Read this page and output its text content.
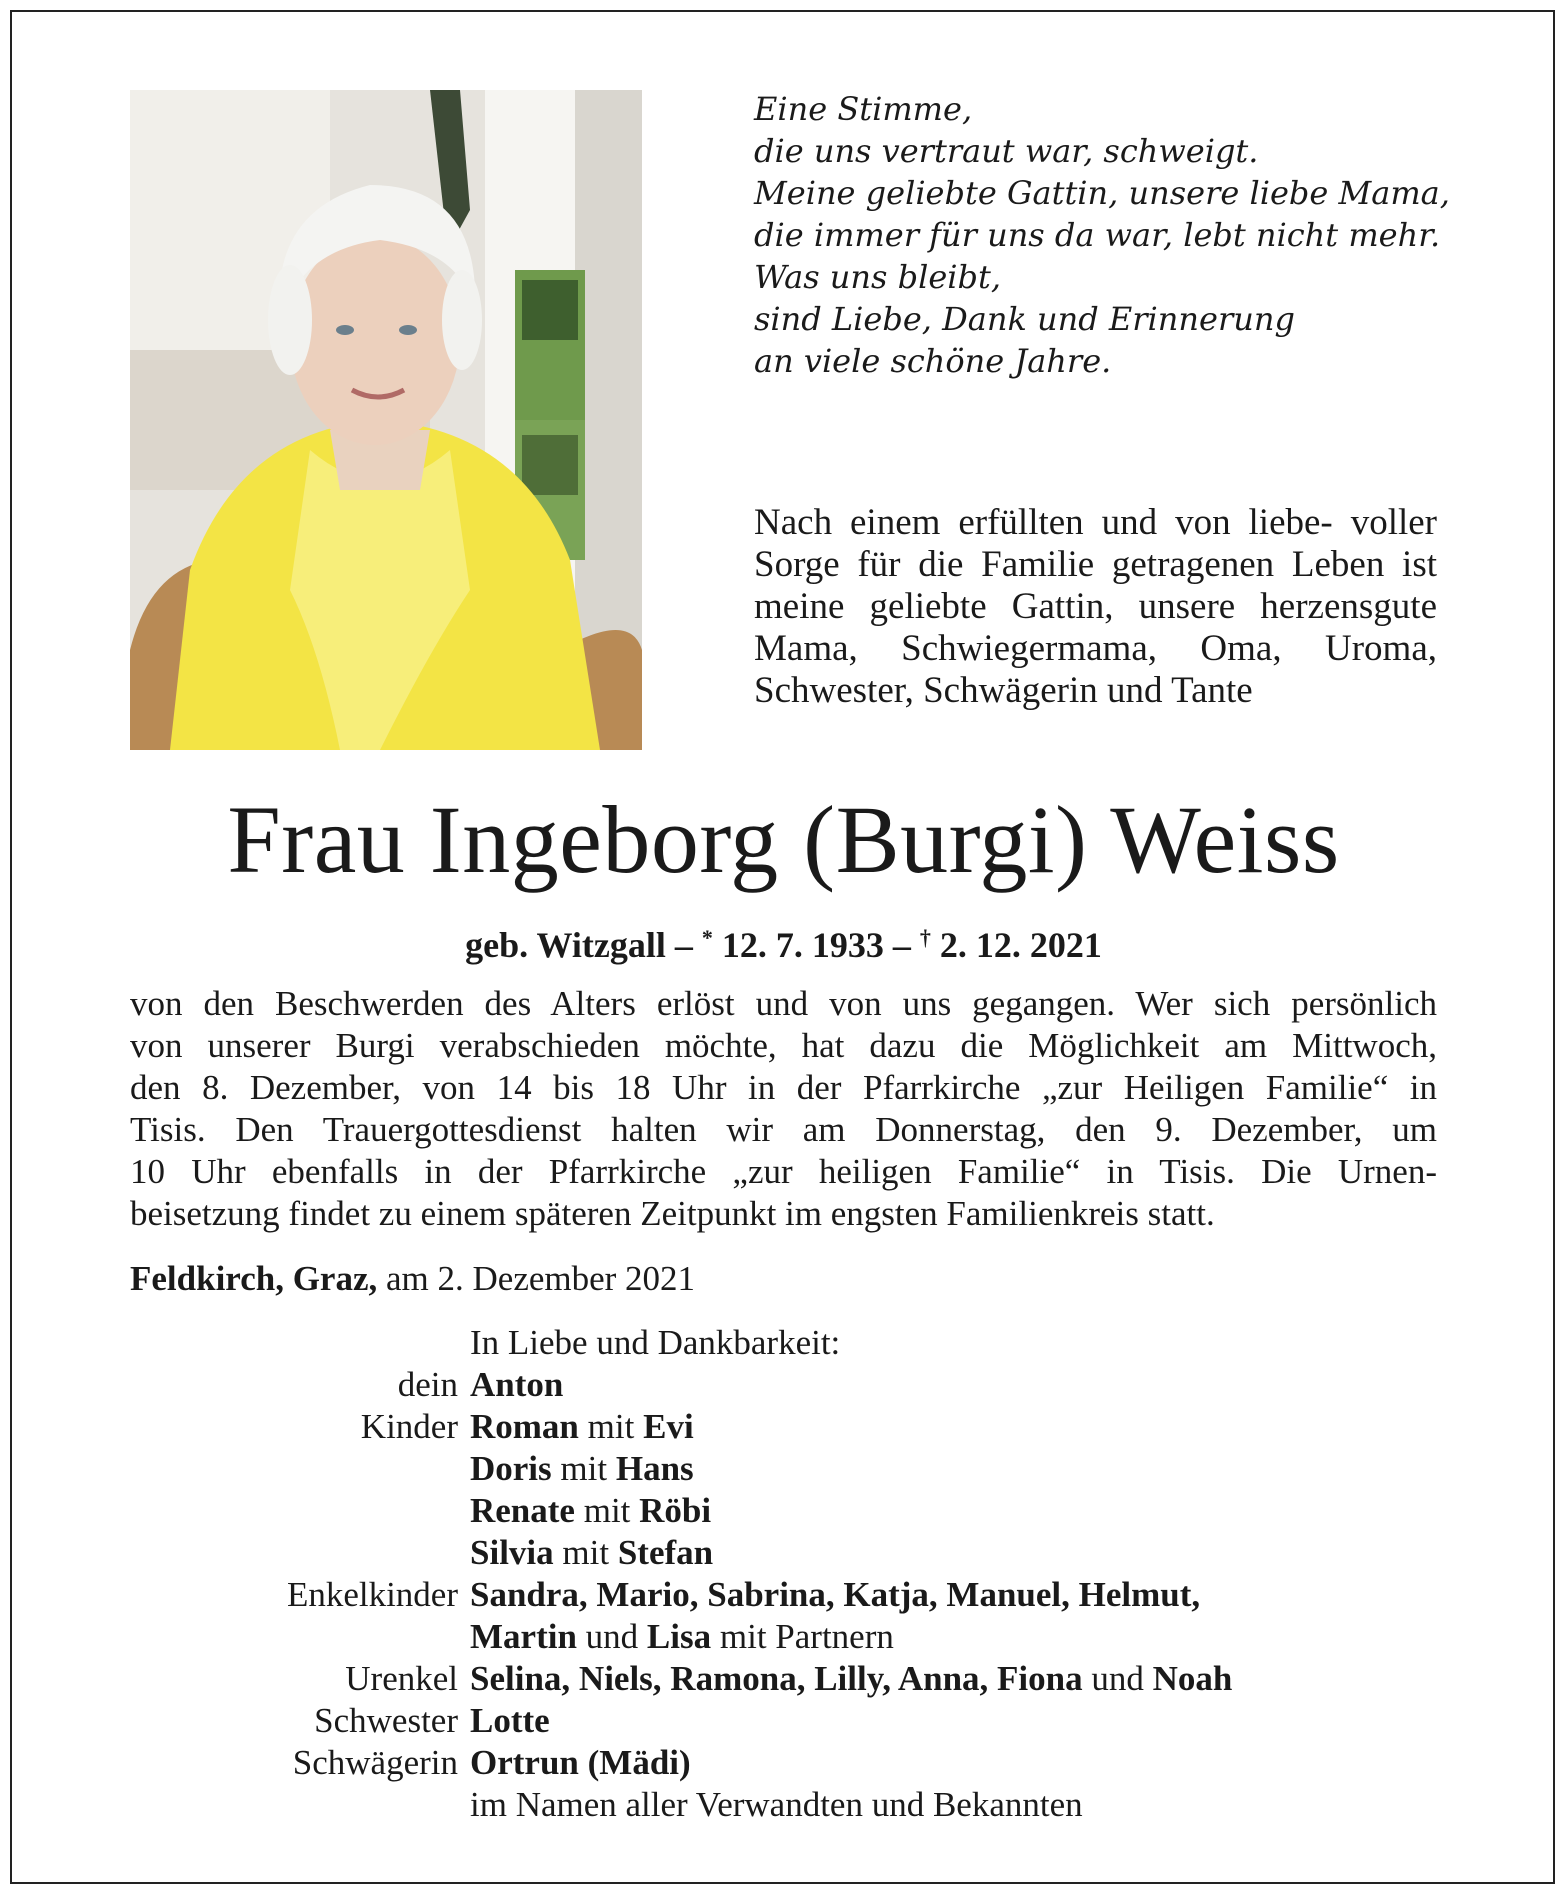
Eine Stimme,
die uns vertraut war, schweigt.
Meine geliebte Gattin, unsere liebe Mama,
die immer für uns da war, lebt nicht mehr.
Was uns bleibt,
sind Liebe, Dank und Erinnerung
an viele schöne Jahre.
Nach einem erfüllten und von liebe- voller Sorge für die Familie getragenen Leben ist meine geliebte Gattin, unsere herzensgute Mama, Schwiegermama, Oma, Uroma, Schwester, Schwägerin und Tante
Frau Ingeborg (Burgi) Weiss
geb. Witzgall – * 12. 7. 1933 – † 2. 12. 2021
von den Beschwerden des Alters erlöst und von uns gegangen. Wer sich persönlich
von unserer Burgi verabschieden möchte, hat dazu die Möglichkeit am Mittwoch,
den 8. Dezember, von 14 bis 18 Uhr in der Pfarrkirche „zur Heiligen Familie“ in
Tisis. Den Trauergottesdienst halten wir am Donnerstag, den 9. Dezember, um
10 Uhr ebenfalls in der Pfarrkirche „zur heiligen Familie“ in Tisis. Die Urnen-
beisetzung findet zu einem späteren Zeitpunkt im engsten Familienkreis statt.
Feldkirch, Graz, am 2. Dezember 2021
In Liebe und Dankbarkeit:
dein Anton
Kinder Roman mit Evi
Doris mit Hans
Renate mit Röbi
Silvia mit Stefan
Enkelkinder Sandra, Mario, Sabrina, Katja, Manuel, Helmut,
Martin und Lisa mit Partnern
Urenkel Selina, Niels, Ramona, Lilly, Anna, Fiona und Noah
Schwester Lotte
Schwägerin Ortrun (Mädi)
im Namen aller Verwandten und Bekannten
